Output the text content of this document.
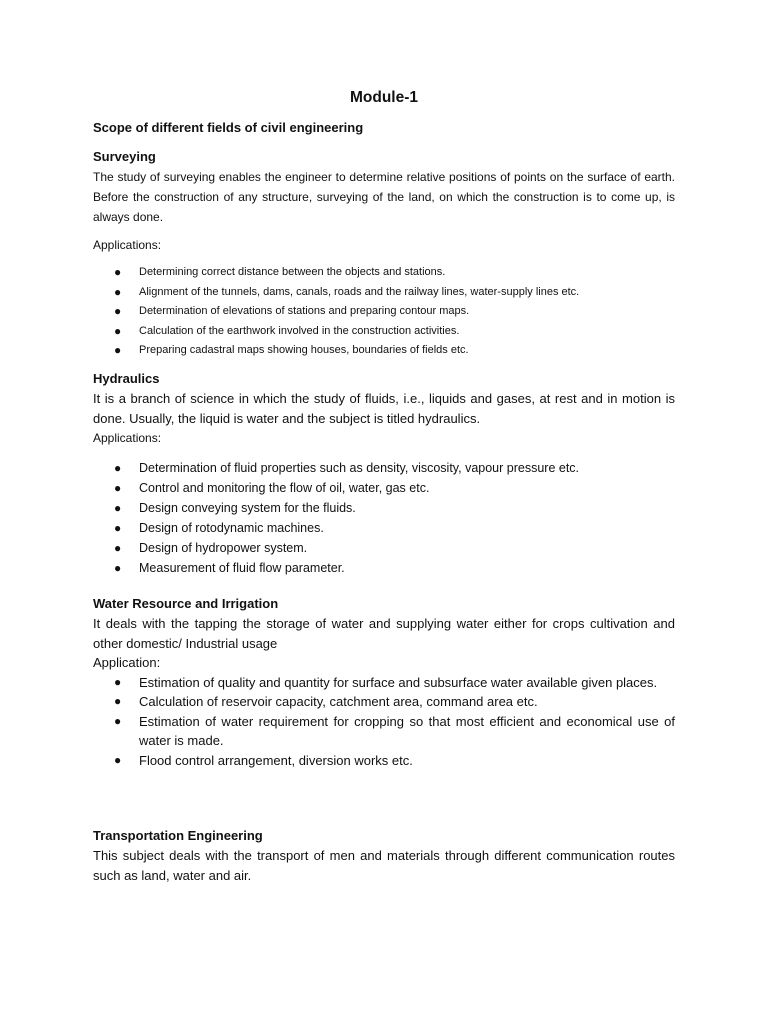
Module-1

Scope of different fields of civil engineering

Surveying

The study of surveying enables the engineer to determine relative positions of points on the surface of earth. Before the construction of any structure, surveying of the land, on which the construction is to come up, is always done.

Applications:

● Determining correct distance between the objects and stations.
● Alignment of the tunnels, dams, canals, roads and the railway lines, water-supply lines etc.
● Determination of elevations of stations and preparing contour maps.
● Calculation of the earthwork involved in the construction activities.
● Preparing cadastral maps showing houses, boundaries of fields etc.

Hydraulics

It is a branch of science in which the study of fluids, i.e., liquids and gases, at rest and in motion is done. Usually, the liquid is water and the subject is titled hydraulics.

Applications:

● Determination of fluid properties such as density, viscosity, vapour pressure etc.
● Control and monitoring the flow of oil, water, gas etc.
● Design conveying system for the fluids.
● Design of rotodynamic machines.
● Design of hydropower system.
● Measurement of fluid flow parameter.

Water Resource and Irrigation

It deals with the tapping the storage of water and supplying water either for crops cultivation and other domestic/ Industrial usage

Application:

● Estimation of quality and quantity for surface and subsurface water available given places.
● Calculation of reservoir capacity, catchment area, command area etc.
● Estimation of water requirement for cropping so that most efficient and economical use of water is made.
● Flood control arrangement, diversion works etc.

Transportation Engineering

This subject deals with the transport of men and materials through different communication routes such as land, water and air.
